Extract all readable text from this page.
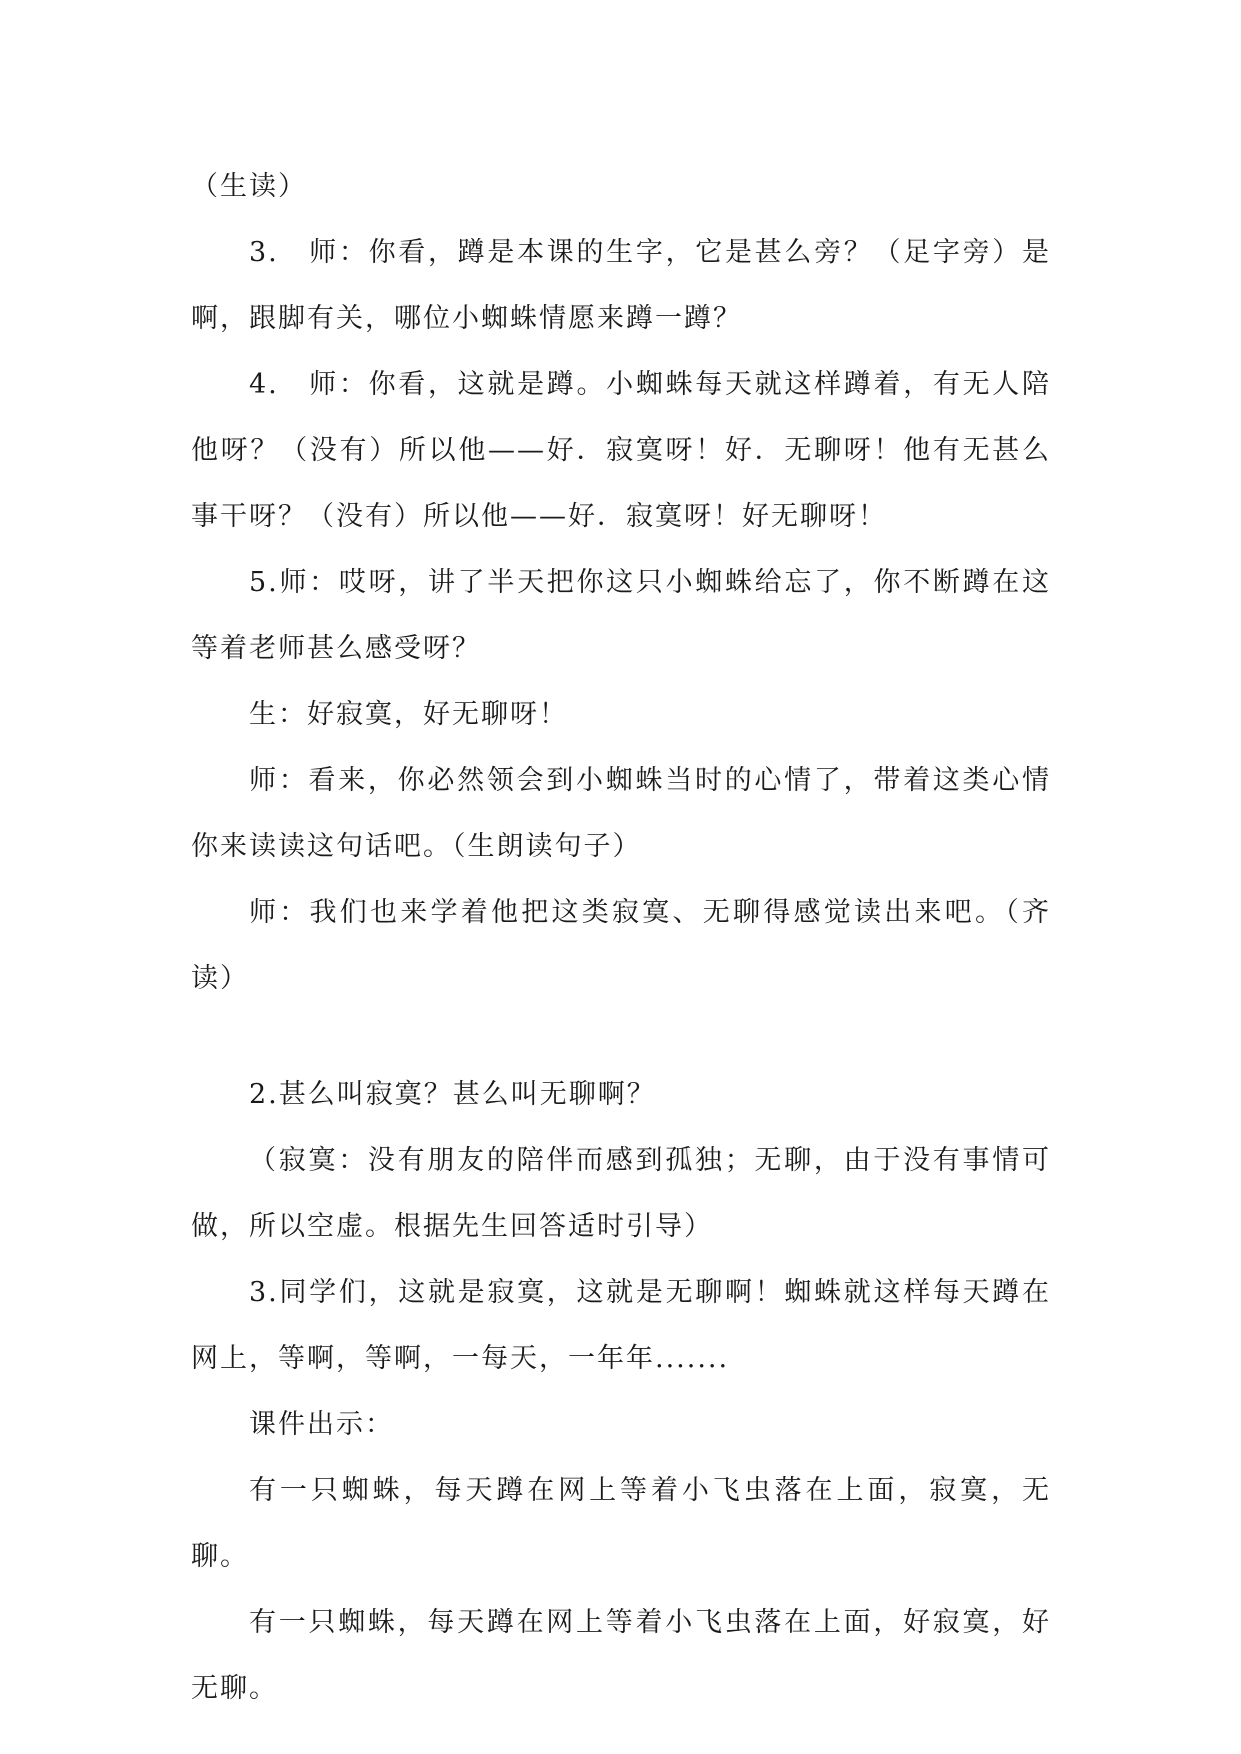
（生读）

3.　师：你看，蹲是本课的生字，它是甚么旁？（足字旁）是啊，跟脚有关，哪位小蜘蛛情愿来蹲一蹲？

4.　师：你看，这就是蹲。小蜘蛛每天就这样蹲着，有无人陪他呀？（没有）所以他——好．寂寞呀！好．无聊呀！他有无甚么事干呀？（没有）所以他——好．寂寞呀！好无聊呀！

5.师：哎呀，讲了半天把你这只小蜘蛛给忘了，你不断蹲在这等着老师甚么感受呀？

生：好寂寞，好无聊呀！

师：看来，你必然领会到小蜘蛛当时的心情了，带着这类心情你来读读这句话吧。（生朗读句子）

师：我们也来学着他把这类寂寞、无聊得感觉读出来吧。（齐读）

2.甚么叫寂寞？甚么叫无聊啊？

（寂寞：没有朋友的陪伴而感到孤独；无聊，由于没有事情可做，所以空虚。根据先生回答适时引导）

3.同学们，这就是寂寞，这就是无聊啊！蜘蛛就这样每天蹲在网上，等啊，等啊，一每天，一年年.......

课件出示：

有一只蜘蛛，每天蹲在网上等着小飞虫落在上面，寂寞，无聊。

有一只蜘蛛，每天蹲在网上等着小飞虫落在上面，好寂寞，好无聊。
